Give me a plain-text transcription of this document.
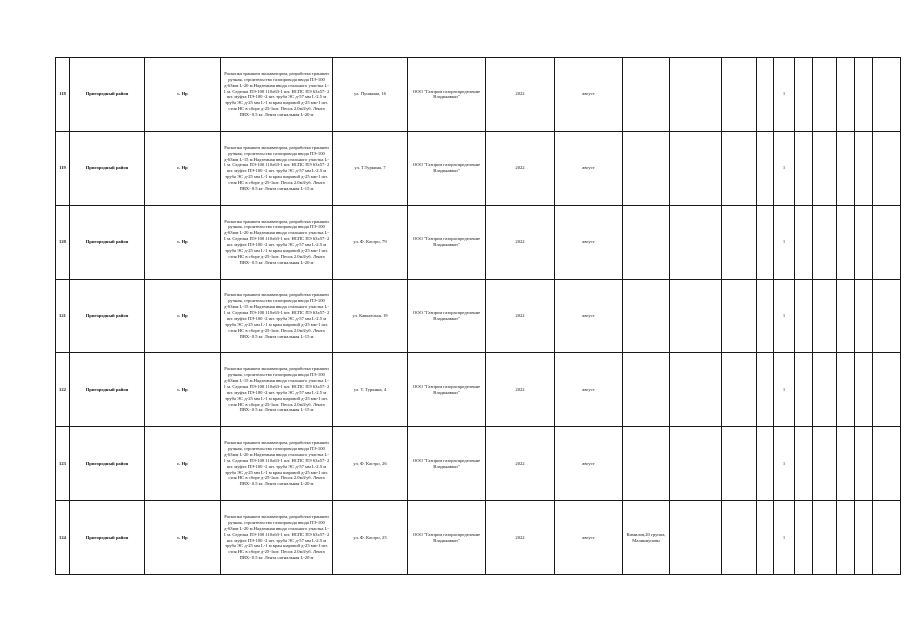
118	Пригородный район	с. Нр	Раскопка траншеи экскаватором, разработка траншеи ручная, строительство газопровода ввода ПЭ-100 д-63мм L-20 м.Надземная ввода стального участка L-1 м. Седелка ПЭ-100 110х63-1 шт. НСПС ПЭ 63х57- 2 шт. муфта ПЭ-100 -2 шт. труба ЭС д-57 мм L-2.5 м труба ЭС д-25 мм L-1 м кран шаровой д-25 мм-1 шт. стоя НС в сборе д-25-1шт. Песок 2.0м3/уб. Лента ПВХ- 0.5 кг. Лента сигнальная L-20 м	ул. Пушкина, 16	ООО "Газпром газораспределение Владикавказ"	2022	август					1					
119	Пригородный район	с. Нр	Раскопка траншеи экскаватором, разработка траншеи ручная, строительство газопровода ввода ПЭ-100 д-63мм L-15 м.Надземная ввода стального участка L-1 м. Седелка ПЭ-100 110х63-1 шт. НСПС ПЭ 63х57- 2 шт. муфта ПЭ-100 -2 шт. труба ЭС д-57 мм L-2.5 м труба ЭС д-25 мм L-1 м кран шаровой д-25 мм-1 шт. стоя НС в сборе д-25-1шт. Песок 2.0м3/уб. Лента ПВХ- 0.5 кг. Лента сигнальная L-15 м	ул. Т.Туркина, 7	ООО "Газпром газораспределение Владикавказ"	2022	август					1					
120	Пригородный район	с. Нр	Раскопка траншеи экскаватором, разработка траншеи ручная, строительство газопровода ввода ПЭ-100 д-63мм L-20 м.Надземная ввода стального участка L-1 м. Седелка ПЭ-100 110х63-1 шт. НСПС ПЭ 63х57- 2 шт. муфта ПЭ-100 -2 шт. труба ЭС д-57 мм L-2.5 м труба ЭС д-25 мм L-1 м кран шаровой д-25 мм-1 шт. стоя НС в сборе д-25-1шт. Песок 2.0м3/уб. Лента ПВХ- 0.5 кг. Лента сигнальная L-20 м	ул. Ф. Кастро, 79	ООО "Газпром газораспределение Владикавказ"	2022	август					1					
121	Пригородный район	с. Нр	Раскопка траншеи экскаватором, разработка траншеи ручная, строительство газопровода ввода ПЭ-100 д-63мм L-15 м.Надземная ввода стального участка L-1 м. Седелка ПЭ-100 110х63-1 шт. НСПС ПЭ 63х57- 2 шт. муфта ПЭ-100 -2 шт. труба ЭС д-57 мм L-2.5 м труба ЭС д-25 мм L-1 м кран шаровой д-25 мм-1 шт. стоя НС в сборе д-25-1шт. Песок 2.0м3/уб. Лента ПВХ- 0.5 кг. Лента сигнальная L-15 м	ул. Кавказская, 19	ООО "Газпром газораспределение Владикавказ"	2022	август					1					
122	Пригородный район	с. Нр	Раскопка траншеи экскаватором, разработка траншеи ручная, строительство газопровода ввода ПЭ-100 д-63мм L-15 м.Надземная ввода стального участка L-1 м. Седелка ПЭ-100 110х63-1 шт. НСПС ПЭ 63х57- 2 шт. муфта ПЭ-100 -2 шт. труба ЭС д-57 мм L-2.5 м труба ЭС д-25 мм L-1 м кран шаровой д-25 мм-1 шт. стоя НС в сборе д-25-1шт. Песок 2.0м3/уб. Лента ПВХ- 0.5 кг. Лента сигнальная L-15 м	ул. Т. Туркина, 4	ООО "Газпром газораспределение Владикавказ"	2022	август					1					
123	Пригородный район	с. Нр	Раскопка траншеи экскаватором, разработка траншеи ручная, строительство газопровода ввода ПЭ-100 д-63мм L-20 м.Надземная ввода стального участка L-1 м. Седелка ПЭ-100 110х63-1 шт. НСПС ПЭ 63х57- 2 шт. муфта ПЭ-100 -2 шт. труба ЭС д-57 мм L-2.5 м труба ЭС д-25 мм L-1 м кран шаровой д-25 мм-1 шт. стоя НС в сборе д-25-1шт. Песок 2.0м3/уб. Лента ПВХ- 0.5 кг. Лента сигнальная L-20 м	ул. Ф. Кастро, 26	ООО "Газпром газораспределение Владикавказ"	2022	август					1					
124	Пригородный район	с. Нр	Раскопка траншеи экскаватором, разработка траншеи ручная, строительство газопровода ввода ПЭ-100 д-63мм L-20 м.Надземная ввода стального участка L-1 м. Седелка ПЭ-100 110х63-1 шт. НСПС ПЭ 63х57- 2 шт. муфта ПЭ-100 -2 шт. труба ЭС д-57 мм L-2.5 м труба ЭС д-25 мм L-1 м кран шаровой д-25 мм-1 шт. стоя НС в сборе д-25-1шт. Песок 2.0м3/уб. Лента ПВХ- 0.5 кг. Лента сигнальная L-20 м	ул. Ф. Кастро, 25	ООО "Газпром газораспределение Владикавказ"	2022	август	Кимилов,20 группа, Малиниуповн				1					
